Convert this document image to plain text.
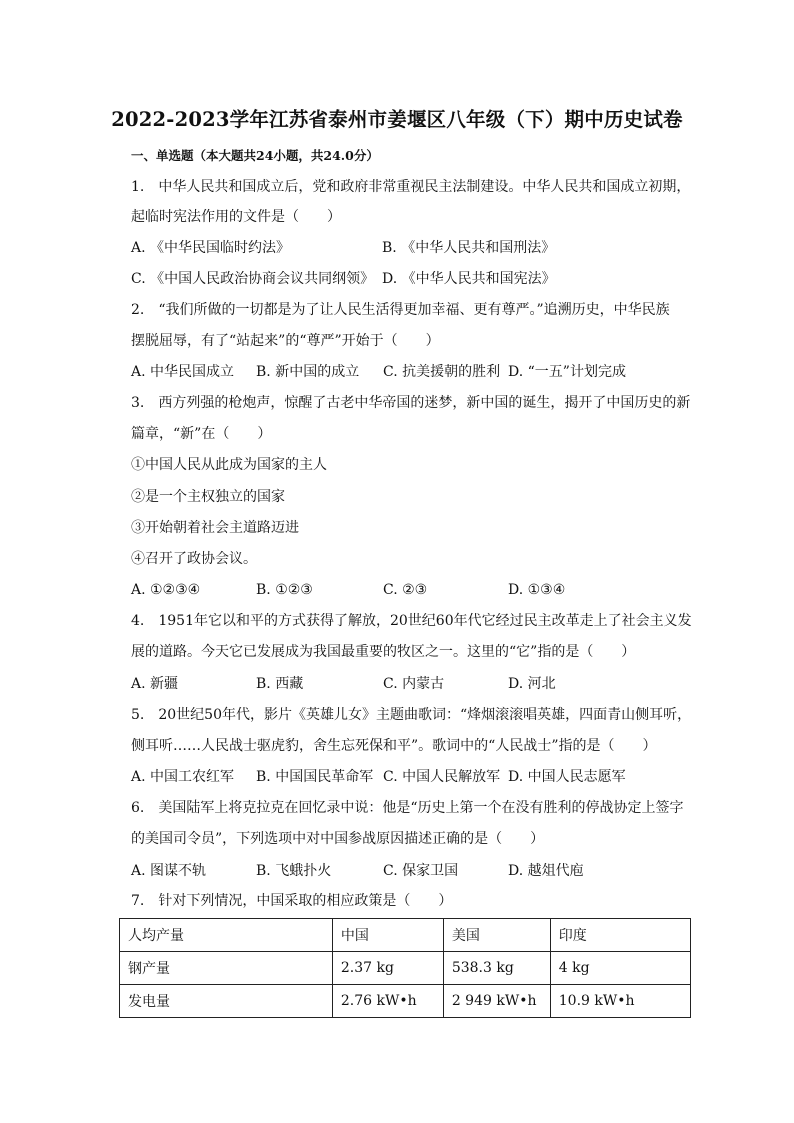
2022-2023学年江苏省泰州市姜堰区八年级（下）期中历史试卷
一、单选题（本大题共24小题，共24.0分）
1.　中华人民共和国成立后，党和政府非常重视民主法制建设。中华人民共和国成立初期，
起临时宪法作用的文件是（　　）
A. 《中华民国临时约法》	B. 《中华人民共和国刑法》
C. 《中国人民政治协商会议共同纲领》 D. 《中华人民共和国宪法》
2.　“我们所做的一切都是为了让人民生活得更加幸福、更有尊严。”追溯历史，中华民族
摆脱屈辱，有了“站起来”的“尊严”开始于（　　）
A. 中华民国成立 B. 新中国的成立 C. 抗美援朝的胜利 D. “一五”计划完成
3.　西方列强的枪炮声，惊醒了古老中华帝国的迷梦，新中国的诞生，揭开了中国历史的新
篇章，“新”在（　　）
①中国人民从此成为国家的主人
②是一个主权独立的国家
③开始朝着社会主道路迈进
④召开了政协会议。
A. ①②③④	B. ①②③	C. ②③	D. ①③④
4.　1951年它以和平的方式获得了解放，20世纪60年代它经过民主改革走上了社会主义发
展的道路。今天它已发展成为我国最重要的牧区之一。这里的“它”指的是（　　）
A. 新疆	B. 西藏	C. 内蒙古	D. 河北
5.　20世纪50年代，影片《英雄儿女》主题曲歌词：“烽烟滚滚唱英雄，四面青山侧耳听，
侧耳听……人民战士驱虎豹，舍生忘死保和平”。歌词中的“人民战士”指的是（　　）
A. 中国工农红军 B. 中国国民革命军 C. 中国人民解放军 D. 中国人民志愿军
6.　美国陆军上将克拉克在回忆录中说：他是“历史上第一个在没有胜利的停战协定上签字
的美国司令员”，下列选项中对中国参战原因描述正确的是（　　）
A. 图谋不轨	B. 飞蛾扑火	C. 保家卫国	D. 越俎代庖
7.　针对下列情况，中国采取的相应政策是（　　）
人均产量	中国	美国	印度
钢产量	2.37 kg	538.3 kg	4 kg
发电量	2.76 kW•h	2 949 kW•h	10.9 kW•h
